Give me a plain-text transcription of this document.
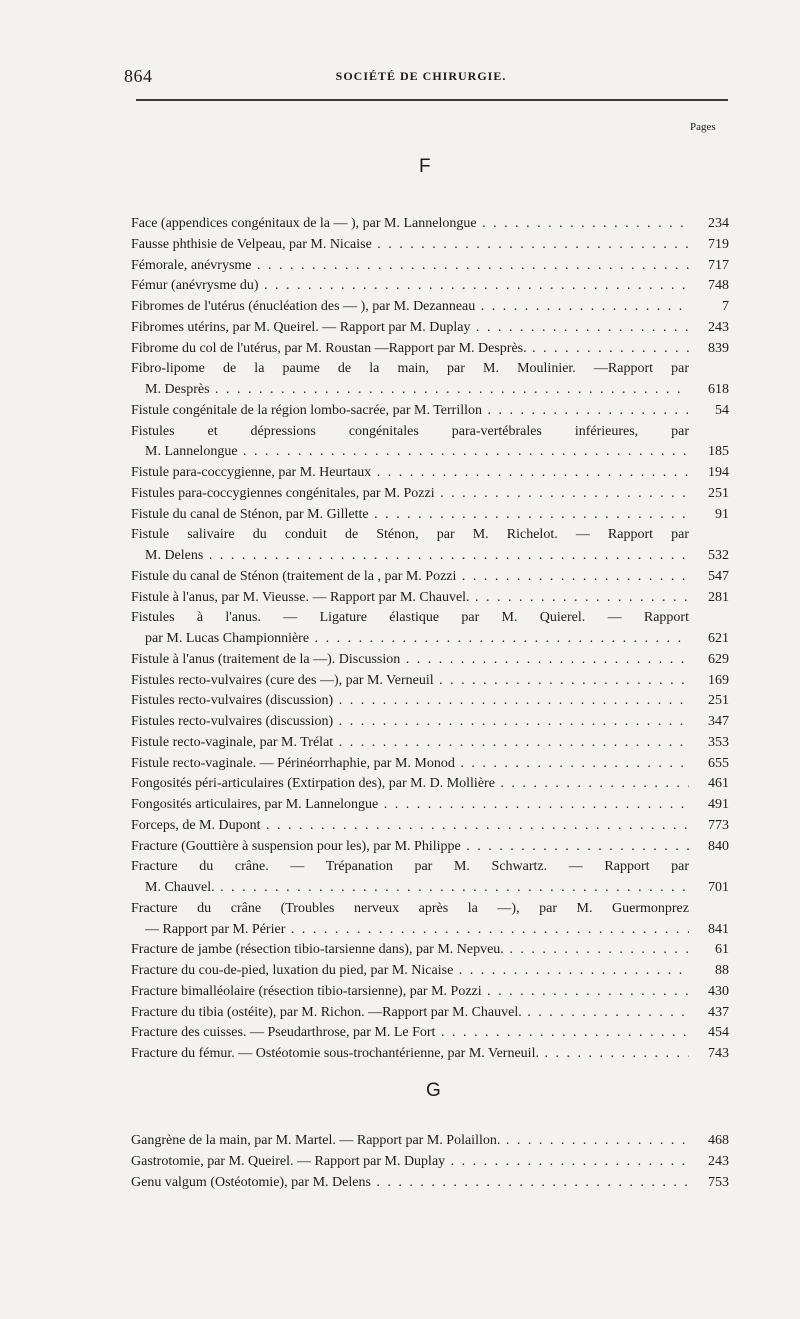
864	SOCIÉTÉ DE CHIRURGIE.
Pages
F
Face (appendices congénitaux de la — ), par M. Lannelongue . . .	234
Fausse phthisie de Velpeau, par M. Nicaise . . .	719
Fémorale, anévrysme . . .	717
Fémur (anévrysme du) . . .	748
Fibromes de l'utérus (énucléation des — ), par M. Dezanneau . . .	7
Fibromes utérins, par M. Queirel. — Rapport par M. Duplay . . .	243
Fibrome du col de l'utérus, par M. Roustan —Rapport par M. Desprès. . . .	839
Fibro-lipome de la paume de la main, par M. Moulinier. —Rapport par
M. Desprès . . .	618
Fistule congénitale de la région lombo-sacrée, par M. Terrillon . . .	54
Fistules et dépressions congénitales para-vertébrales inférieures, par
M. Lannelongue . . .	185
Fistule para-coccygienne, par M. Heurtaux . . .	194
Fistules para-coccygiennes congénitales, par M. Pozzi . . .	251
Fistule du canal de Sténon, par M. Gillette . . .	91
Fistule salivaire du conduit de Sténon, par M. Richelot. — Rapport par
M. Delens . . .	532
Fistule du canal de Sténon (traitement de la , par M. Pozzi . . .	547
Fistule à l'anus, par M. Vieusse. — Rapport par M. Chauvel. . . .	281
Fistules à l'anus. — Ligature élastique par M. Quierel. — Rapport
par M. Lucas Championnière . . .	621
Fistule à l'anus (traitement de la —). Discussion . . .	629
Fistules recto-vulvaires (cure des —), par M. Verneuil . . .	169
Fistules recto-vulvaires (discussion) . . .	251
Fistules recto-vulvaires (discussion) . . .	347
Fistule recto-vaginale, par M. Trélat . . .	353
Fistule recto-vaginale. — Périnéorrhaphie, par M. Monod . . .	655
Fongosités péri-articulaires (Extirpation des), par M. D. Mollière . . .	461
Fongosités articulaires, par M. Lannelongue . . .	491
Forceps, de M. Dupont . . .	773
Fracture (Gouttière à suspension pour les), par M. Philippe . . .	840
Fracture du crâne. — Trépanation par M. Schwartz. — Rapport par
M. Chauvel. . . .	701
Fracture du crâne (Troubles nerveux après la —), par M. Guermonprez
— Rapport par M. Périer . . .	841
Fracture de jambe (résection tibio-tarsienne dans), par M. Nepveu. . . .	61
Fracture du cou-de-pied, luxation du pied, par M. Nicaise . . .	88
Fracture bimalléolaire (résection tibio-tarsienne), par M. Pozzi . . .	430
Fracture du tibia (ostéite), par M. Richon. —Rapport par M. Chauvel. . . .	437
Fracture des cuisses. — Pseudarthrose, par M. Le Fort . . .	454
Fracture du fémur. — Ostéotomie sous-trochantérienne, par M. Verneuil. . . .	743
G
Gangrène de la main, par M. Martel. — Rapport par M. Polaillon. . . .	468
Gastrotomie, par M. Queirel. — Rapport par M. Duplay . . .	243
Genu valgum (Ostéotomie), par M. Delens . . .	753
